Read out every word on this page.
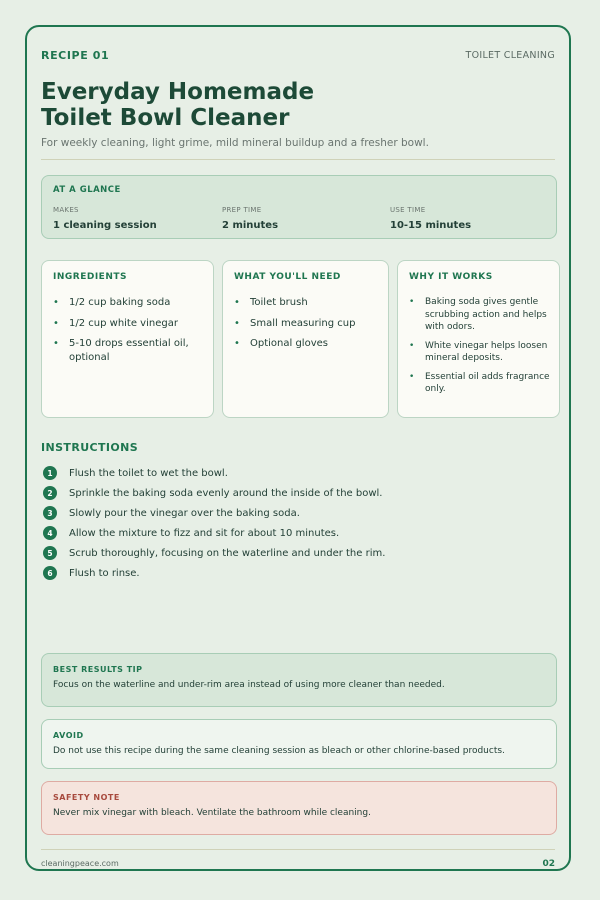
RECIPE 01	TOILET CLEANING
Everyday Homemade
Toilet Bowl Cleaner
For weekly cleaning, light grime, mild mineral buildup and a fresher bowl.
AT A GLANCE
MAKES
1 cleaning session
PREP TIME
2 minutes
USE TIME
10-15 minutes
INGREDIENTS
• 1/2 cup baking soda
• 1/2 cup white vinegar
• 5-10 drops essential oil, optional
WHAT YOU'LL NEED
• Toilet brush
• Small measuring cup
• Optional gloves
WHY IT WORKS
• Baking soda gives gentle scrubbing action and helps with odors.
• White vinegar helps loosen mineral deposits.
• Essential oil adds fragrance only.
INSTRUCTIONS
1	Flush the toilet to wet the bowl.
2	Sprinkle the baking soda evenly around the inside of the bowl.
3	Slowly pour the vinegar over the baking soda.
4	Allow the mixture to fizz and sit for about 10 minutes.
5	Scrub thoroughly, focusing on the waterline and under the rim.
6	Flush to rinse.
BEST RESULTS TIP
Focus on the waterline and under-rim area instead of using more cleaner than needed.
AVOID
Do not use this recipe during the same cleaning session as bleach or other chlorine-based products.
SAFETY NOTE
Never mix vinegar with bleach. Ventilate the bathroom while cleaning.
cleaningpeace.com	02
